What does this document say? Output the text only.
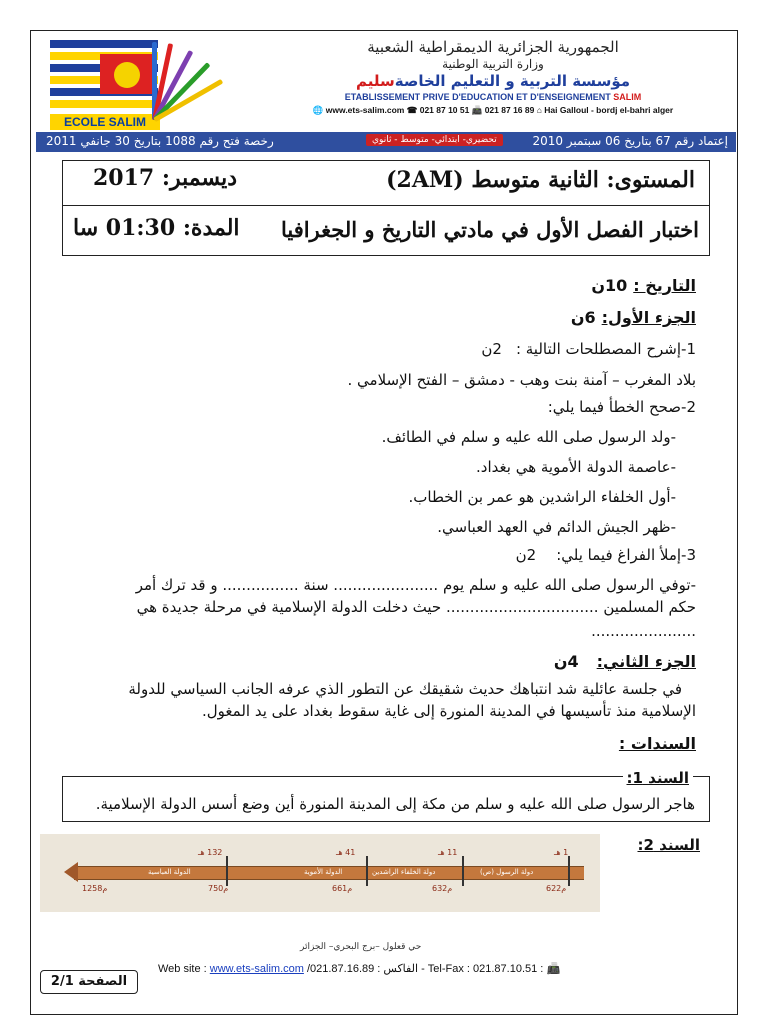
ECOLE SALIM
الجمهورية الجزائرية الديمقراطية الشعبية
وزارة التربية الوطنية
مؤسسة التربية و التعليم الخاصةسليم
ETABLISSEMENT PRIVE D'EDUCATION ET D'ENSEIGNEMENT SALIM
🌐 www.ets-salim.com ☎ 021 87 10 51 📠 021 87 16 89 ⌂ Hai Galloul - bordj el-bahri alger
إعتماد رقم 67 بتاريخ 06 سبتمبر 2010
تحضيري- ابتدائي- متوسط - ثانوي
رخصة فتح رقم 1088 بتاريخ 30 جانفي 2011
المستوى: الثانية متوسط (2AM)
ديسمبر: 2017
اختبار الفصل الأول في مادتي التاريخ و الجغرافيا
المدة: 01:30 سا
التاريخ :10ن
الجزء الأول:6ن
1-إشرح المصطلحات التالية :2ن
بلاد المغرب – آمنة بنت وهب - دمشق – الفتح الإسلامي .
2-صحح الخطأ فيما يلي:
-ولد الرسول صلى الله عليه و سلم في الطائف.
-عاصمة الدولة الأموية هي بغداد.
-أول الخلفاء الراشدين هو عمر بن الخطاب.
-ظهر الجيش الدائم في العهد العباسي.
3-إملأ الفراغ فيما يلي:2ن
-توفي الرسول صلى الله عليه و سلم يوم ...................... سنة ................ و قد ترك أمر
حكم المسلمين ................................ حيث دخلت الدولة الإسلامية في مرحلة جديدة هي
......................
الجزء الثاني:4ن
في جلسة عائلية شد انتباهك حديث شقيقك عن التطور الذي عرفه الجانب السياسي للدولة
الإسلامية منذ تأسيسها في المدينة المنورة إلى غاية سقوط بغداد على يد المغول.
السندات :
السند 1:
هاجر الرسول صلى الله عليه و سلم من مكة إلى المدينة المنورة أين وضع أسس الدولة الإسلامية.
السند 2:
دولة الرسول (ص)
دولة الخلفاء الراشدين
الدولة الأموية
الدولة العباسية
1 هـ
11 هـ
41 هـ
132 هـ
622م
632م
661م
750م
1258م
حي قعلول –برج البحري– الجزائر
Web site : www.ets-salim.com /021.87.16.89 : الفاكس - Tel-Fax : 021.87.10.51 : 📠
الصفحة 2/1
